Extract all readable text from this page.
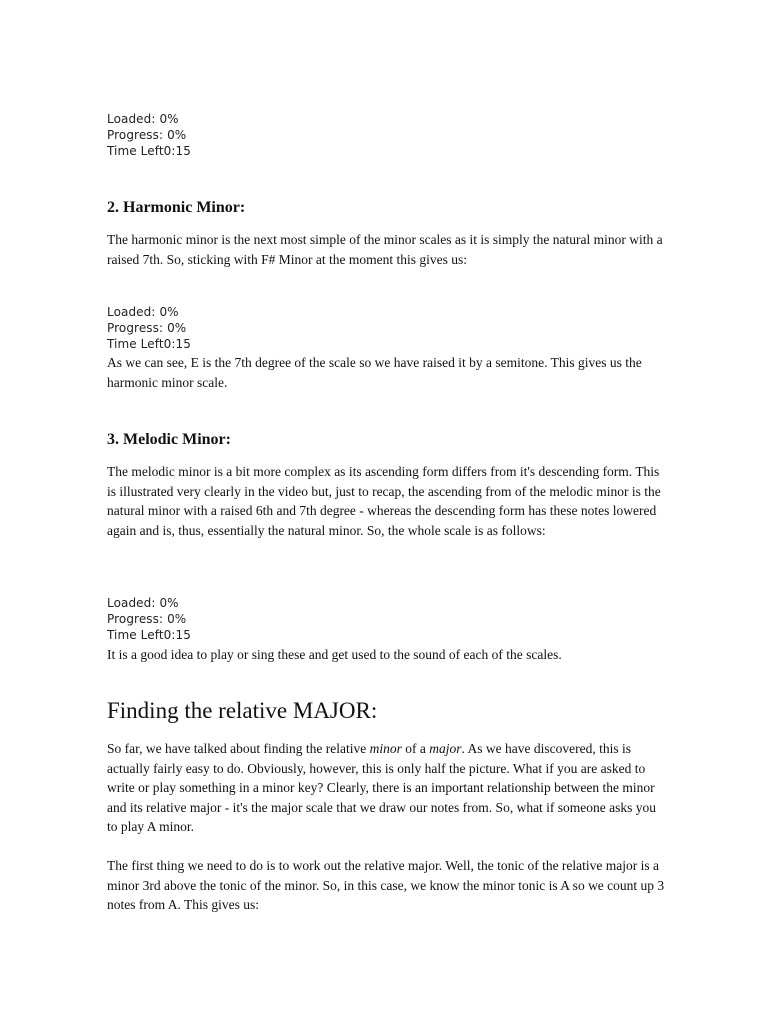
Loaded: 0%
Progress: 0%
Time Left0:15
2. Harmonic Minor:

The harmonic minor is the next most simple of the minor scales as it is simply the natural minor with a raised 7th. So, sticking with F# Minor at the moment this gives us:

Loaded: 0%
Progress: 0%
Time Left0:15

As we can see, E is the 7th degree of the scale so we have raised it by a semitone. This gives us the harmonic minor scale.

3. Melodic Minor:

The melodic minor is a bit more complex as its ascending form differs from it's descending form. This is illustrated very clearly in the video but, just to recap, the ascending from of the melodic minor is the natural minor with a raised 6th and 7th degree - whereas the descending form has these notes lowered again and is, thus, essentially the natural minor. So, the whole scale is as follows:

Loaded: 0%
Progress: 0%
Time Left0:15

It is a good idea to play or sing these and get used to the sound of each of the scales.

Finding the relative MAJOR:

So far, we have talked about finding the relative minor of a major. As we have discovered, this is actually fairly easy to do. Obviously, however, this is only half the picture. What if you are asked to write or play something in a minor key? Clearly, there is an important relationship between the minor and its relative major - it's the major scale that we draw our notes from. So, what if someone asks you to play A minor.

The first thing we need to do is to work out the relative major. Well, the tonic of the relative major is a minor 3rd above the tonic of the minor. So, in this case, we know the minor tonic is A so we count up 3 notes from A. This gives us:
